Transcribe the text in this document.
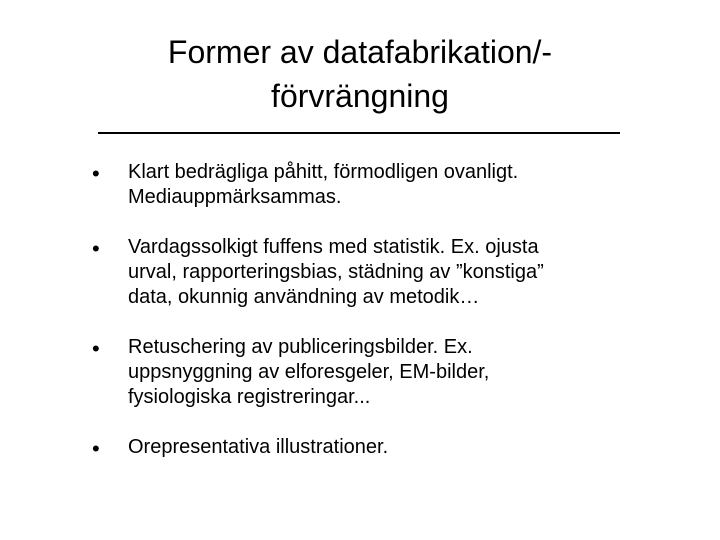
Former av datafabrikation/-
förvrängning
• Klart bedrägliga påhitt, förmodligen ovanligt.
Mediauppmärksammas.
• Vardagssolkigt fuffens med statistik. Ex. ojusta
urval, rapporteringsbias, städning av ”konstiga”
data, okunnig användning av metodik…
• Retuschering av publiceringsbilder. Ex.
uppsnyggning av elforesgeler, EM-bilder,
fysiologiska registreringar...
• Orepresentativa illustrationer.
